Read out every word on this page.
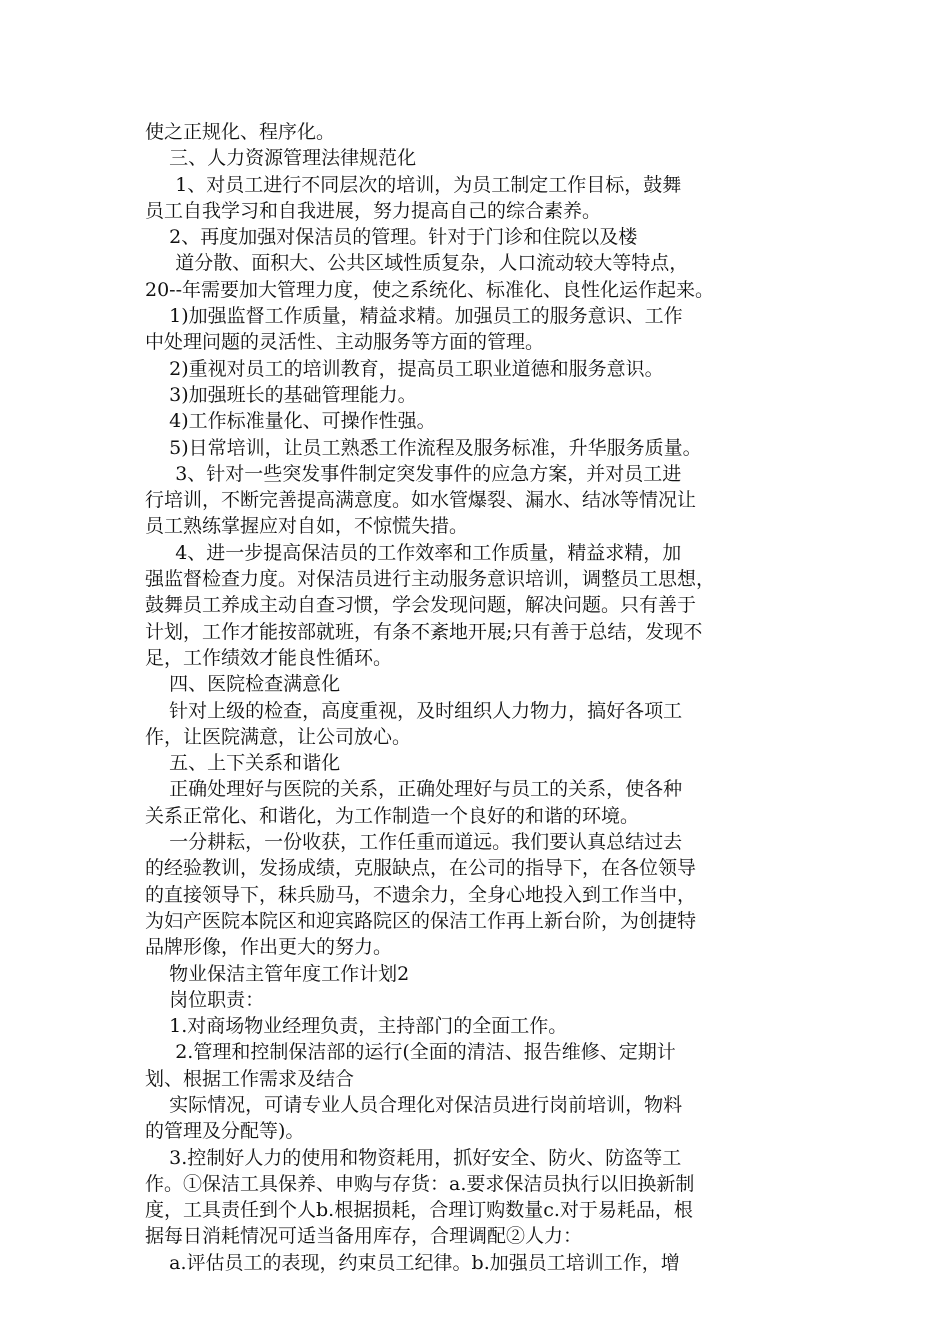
使之正规化、程序化。
三、人力资源管理法律规范化
1、对员工进行不同层次的培训，为员工制定工作目标，鼓舞
员工自我学习和自我进展，努力提高自己的综合素养。
2、再度加强对保洁员的管理。针对于门诊和住院以及楼
道分散、面积大、公共区域性质复杂，人口流动较大等特点，
20--年需要加大管理力度，使之系统化、标准化、良性化运作起来。
1)加强监督工作质量，精益求精。加强员工的服务意识、工作
中处理问题的灵活性、主动服务等方面的管理。
2)重视对员工的培训教育，提高员工职业道德和服务意识。
3)加强班长的基础管理能力。
4)工作标准量化、可操作性强。
5)日常培训，让员工熟悉工作流程及服务标准，升华服务质量。
3、针对一些突发事件制定突发事件的应急方案，并对员工进
行培训，不断完善提高满意度。如水管爆裂、漏水、结冰等情况让
员工熟练掌握应对自如，不惊慌失措。
4、进一步提高保洁员的工作效率和工作质量，精益求精，加
强监督检查力度。对保洁员进行主动服务意识培训，调整员工思想，
鼓舞员工养成主动自查习惯，学会发现问题，解决问题。只有善于
计划，工作才能按部就班，有条不紊地开展;只有善于总结，发现不
足，工作绩效才能良性循环。
四、医院检查满意化
针对上级的检查，高度重视，及时组织人力物力，搞好各项工
作，让医院满意，让公司放心。
五、上下关系和谐化
正确处理好与医院的关系，正确处理好与员工的关系，使各种
关系正常化、和谐化，为工作制造一个良好的和谐的环境。
一分耕耘，一份收获，工作任重而道远。我们要认真总结过去
的经验教训，发扬成绩，克服缺点，在公司的指导下，在各位领导
的直接领导下，秣兵励马，不遗余力，全身心地投入到工作当中，
为妇产医院本院区和迎宾路院区的保洁工作再上新台阶，为创捷特
品牌形像，作出更大的努力。
物业保洁主管年度工作计划2
岗位职责：
1.对商场物业经理负责，主持部门的全面工作。
2.管理和控制保洁部的运行(全面的清洁、报告维修、定期计
划、根据工作需求及结合
实际情况，可请专业人员合理化对保洁员进行岗前培训，物料
的管理及分配等)。
3.控制好人力的使用和物资耗用，抓好安全、防火、防盗等工
作。①保洁工具保养、申购与存货：a.要求保洁员执行以旧换新制
度，工具责任到个人b.根据损耗，合理订购数量c.对于易耗品，根
据每日消耗情况可适当备用库存，合理调配②人力：
a.评估员工的表现，约束员工纪律。b.加强员工培训工作，增
